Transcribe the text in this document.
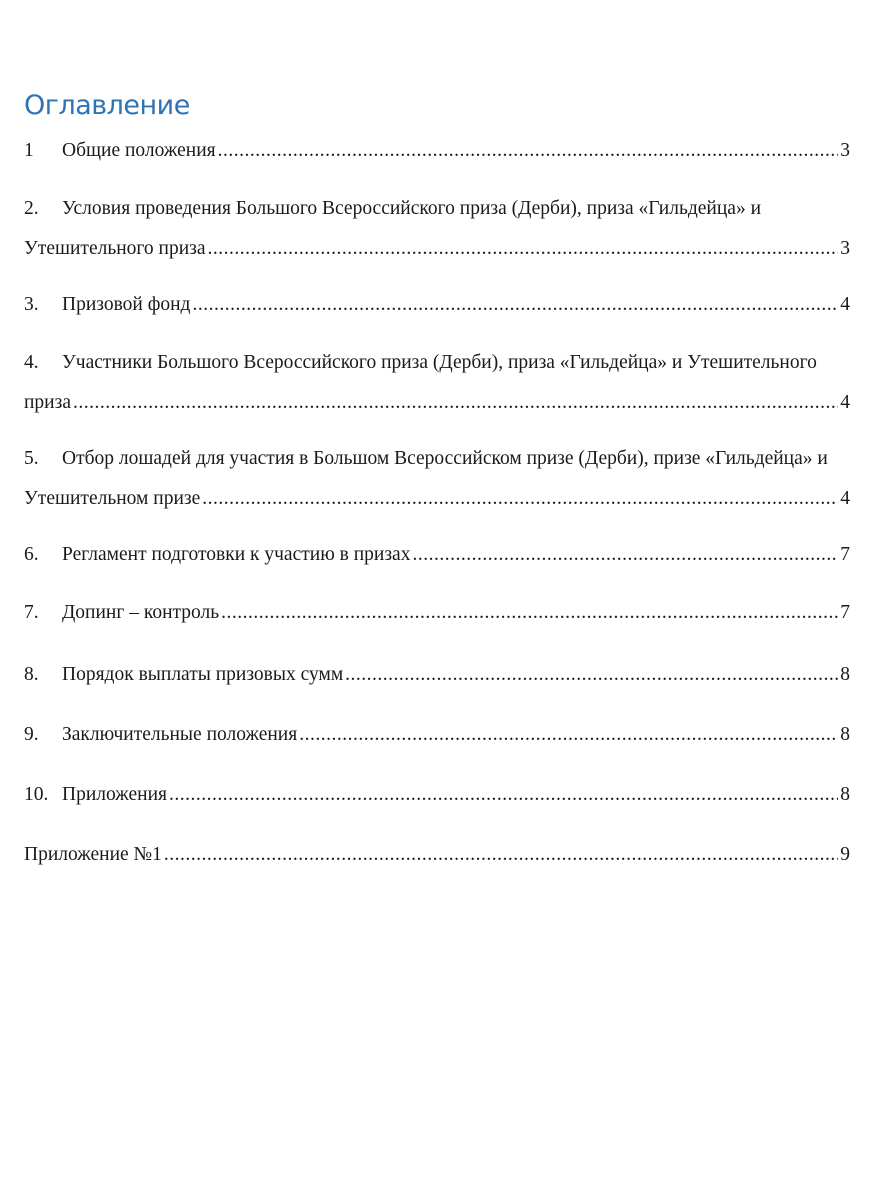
Оглавление
1	Общие положения .....	3
2.	Условия проведения Большого Всероссийского приза (Дерби), приза «Гильдейца» и
Утешительного приза .....	3
3.	Призовой фонд .....	4
4.	Участники Большого Всероссийского приза (Дерби), приза «Гильдейца» и Утешительного
приза .....	4
5.	Отбор лошадей для участия в Большом Всероссийском призе (Дерби), призе «Гильдейца» и
Утешительном призе .....	4
6.	Регламент подготовки к участию в призах .....	7
7.	Допинг – контроль .....	7
8.	Порядок выплаты призовых сумм .....	8
9.	Заключительные положения .....	8
10. Приложения .....	8
Приложение №1 .....	9
